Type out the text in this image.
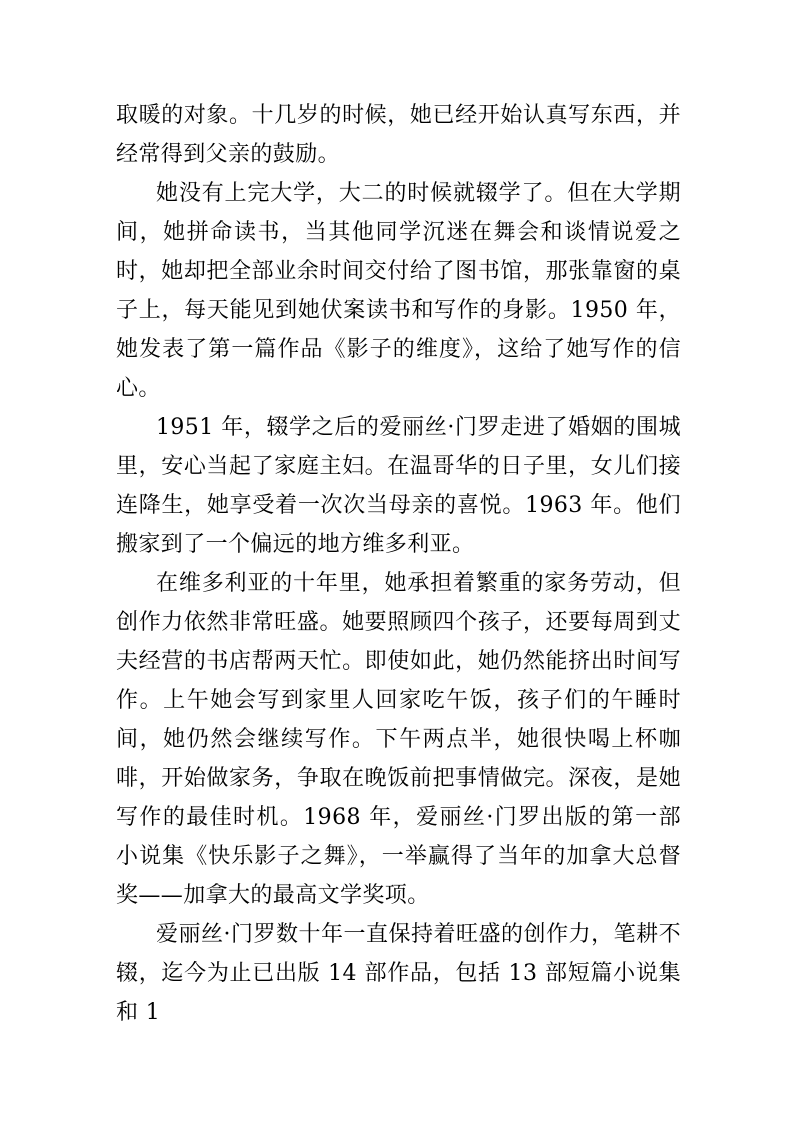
取暖的对象。十几岁的时候，她已经开始认真写东西，并经常得到父亲的鼓励。

她没有上完大学，大二的时候就辍学了。但在大学期间，她拼命读书，当其他同学沉迷在舞会和谈情说爱之时，她却把全部业余时间交付给了图书馆，那张靠窗的桌子上，每天能见到她伏案读书和写作的身影。1950 年，她发表了第一篇作品《影子的维度》，这给了她写作的信心。

1951 年，辍学之后的爱丽丝·门罗走进了婚姻的围城里，安心当起了家庭主妇。在温哥华的日子里，女儿们接连降生，她享受着一次次当母亲的喜悦。1963 年。他们搬家到了一个偏远的地方维多利亚。

在维多利亚的十年里，她承担着繁重的家务劳动，但创作力依然非常旺盛。她要照顾四个孩子，还要每周到丈夫经营的书店帮两天忙。即使如此，她仍然能挤出时间写作。上午她会写到家里人回家吃午饭，孩子们的午睡时间，她仍然会继续写作。下午两点半，她很快喝上杯咖啡，开始做家务，争取在晚饭前把事情做完。深夜，是她写作的最佳时机。1968 年，爱丽丝·门罗出版的第一部小说集《快乐影子之舞》，一举赢得了当年的加拿大总督奖——加拿大的最高文学奖项。

爱丽丝·门罗数十年一直保持着旺盛的创作力，笔耕不辍，迄今为止已出版 14 部作品，包括 13 部短篇小说集和 1
